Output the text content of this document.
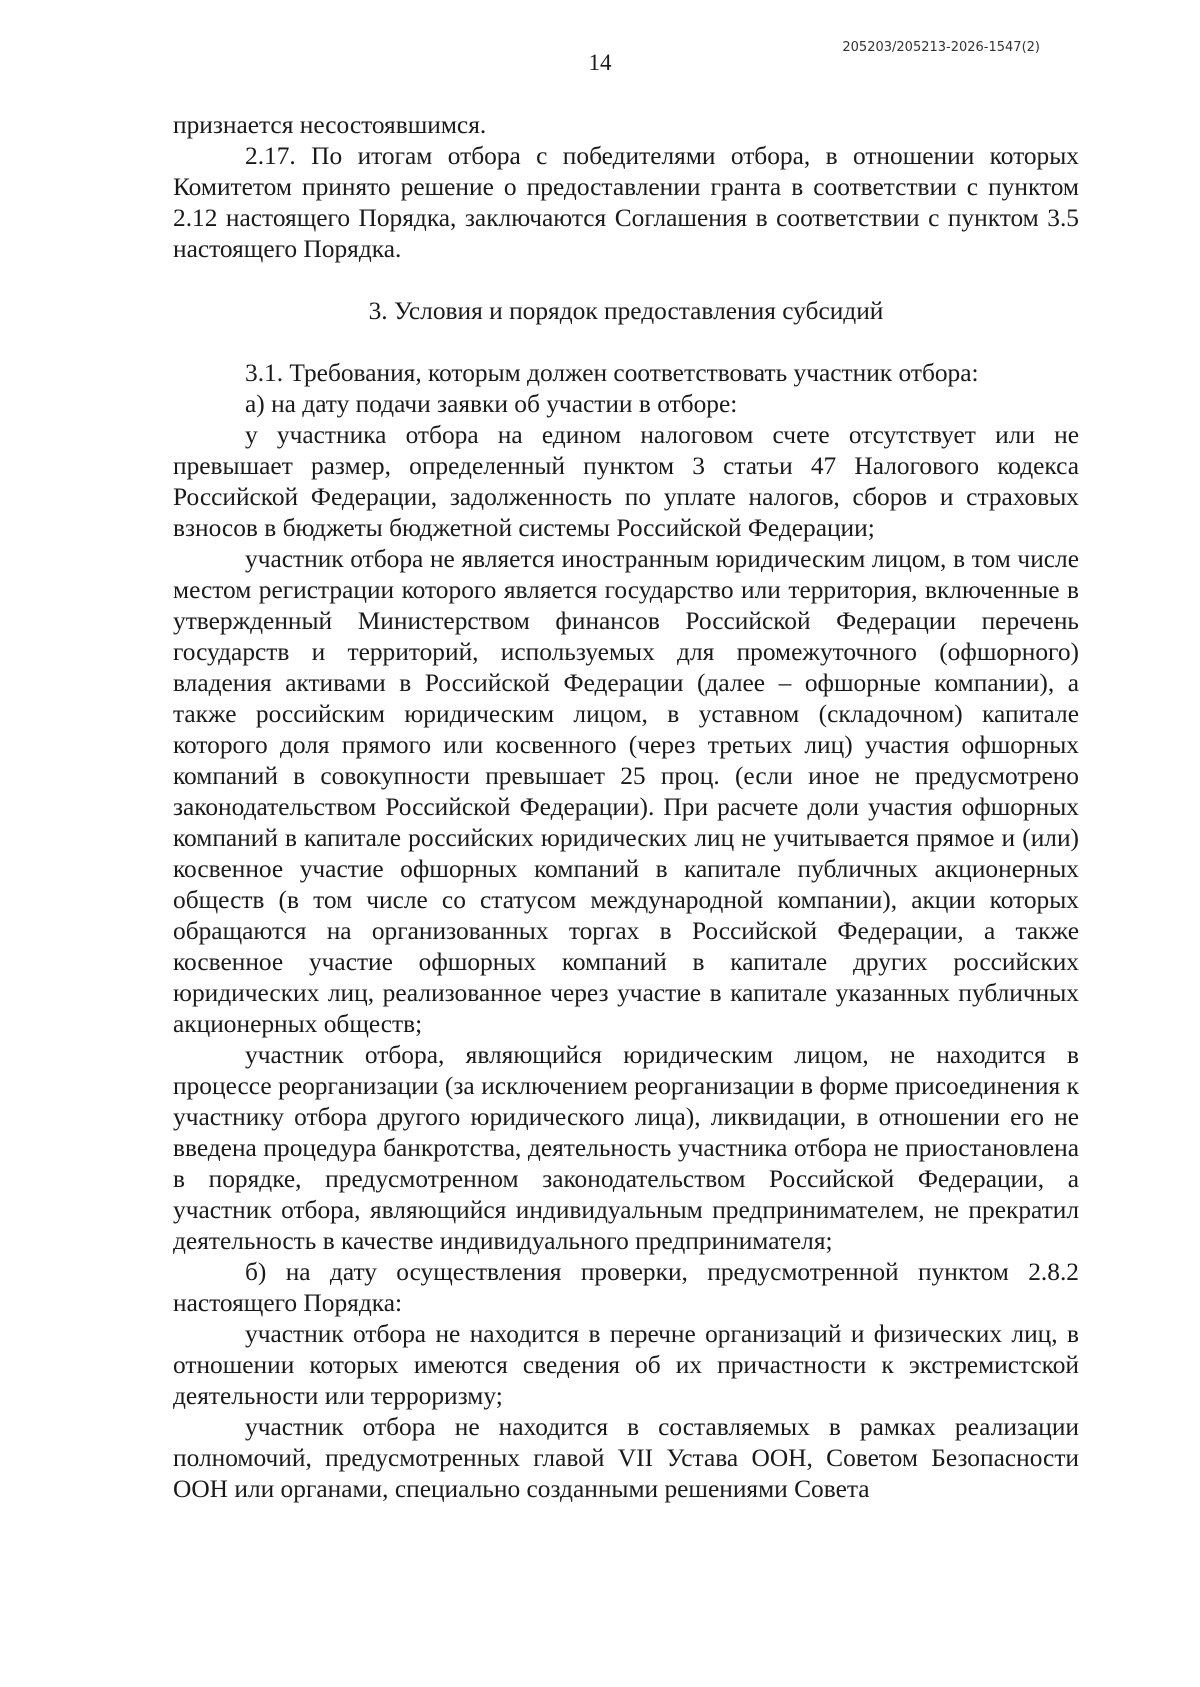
14
205203/205213-2026-1547(2)

признается несостоявшимся.

2.17. По итогам отбора с победителями отбора, в отношении которых Комитетом принято решение о предоставлении гранта в соответствии с пунктом 2.12 настоящего Порядка, заключаются Соглашения в соответствии с пунктом 3.5 настоящего Порядка.

3. Условия и порядок предоставления субсидий

3.1. Требования, которым должен соответствовать участник отбора:

а) на дату подачи заявки об участии в отборе:

у участника отбора на едином налоговом счете отсутствует или не превышает размер, определенный пунктом 3 статьи 47 Налогового кодекса Российской Федерации, задолженность по уплате налогов, сборов и страховых взносов в бюджеты бюджетной системы Российской Федерации;

участник отбора не является иностранным юридическим лицом, в том числе местом регистрации которого является государство или территория, включенные в утвержденный Министерством финансов Российской Федерации перечень государств и территорий, используемых для промежуточного (офшорного) владения активами в Российской Федерации (далее – офшорные компании), а также российским юридическим лицом, в уставном (складочном) капитале которого доля прямого или косвенного (через третьих лиц) участия офшорных компаний в совокупности превышает 25 проц. (если иное не предусмотрено законодательством Российской Федерации). При расчете доли участия офшорных компаний в капитале российских юридических лиц не учитывается прямое и (или) косвенное участие офшорных компаний в капитале публичных акционерных обществ (в том числе со статусом международной компании), акции которых обращаются на организованных торгах в Российской Федерации, а также косвенное участие офшорных компаний в капитале других российских юридических лиц, реализованное через участие в капитале указанных публичных акционерных обществ;

участник отбора, являющийся юридическим лицом, не находится в процессе реорганизации (за исключением реорганизации в форме присоединения к участнику отбора другого юридического лица), ликвидации, в отношении его не введена процедура банкротства, деятельность участника отбора не приостановлена в порядке, предусмотренном законодательством Российской Федерации, а участник отбора, являющийся индивидуальным предпринимателем, не прекратил деятельность в качестве индивидуального предпринимателя;

б) на дату осуществления проверки, предусмотренной пунктом 2.8.2 настоящего Порядка:

участник отбора не находится в перечне организаций и физических лиц, в отношении которых имеются сведения об их причастности к экстремистской деятельности или терроризму;

участник отбора не находится в составляемых в рамках реализации полномочий, предусмотренных главой VII Устава ООН, Советом Безопасности ООН или органами, специально созданными решениями Совета
